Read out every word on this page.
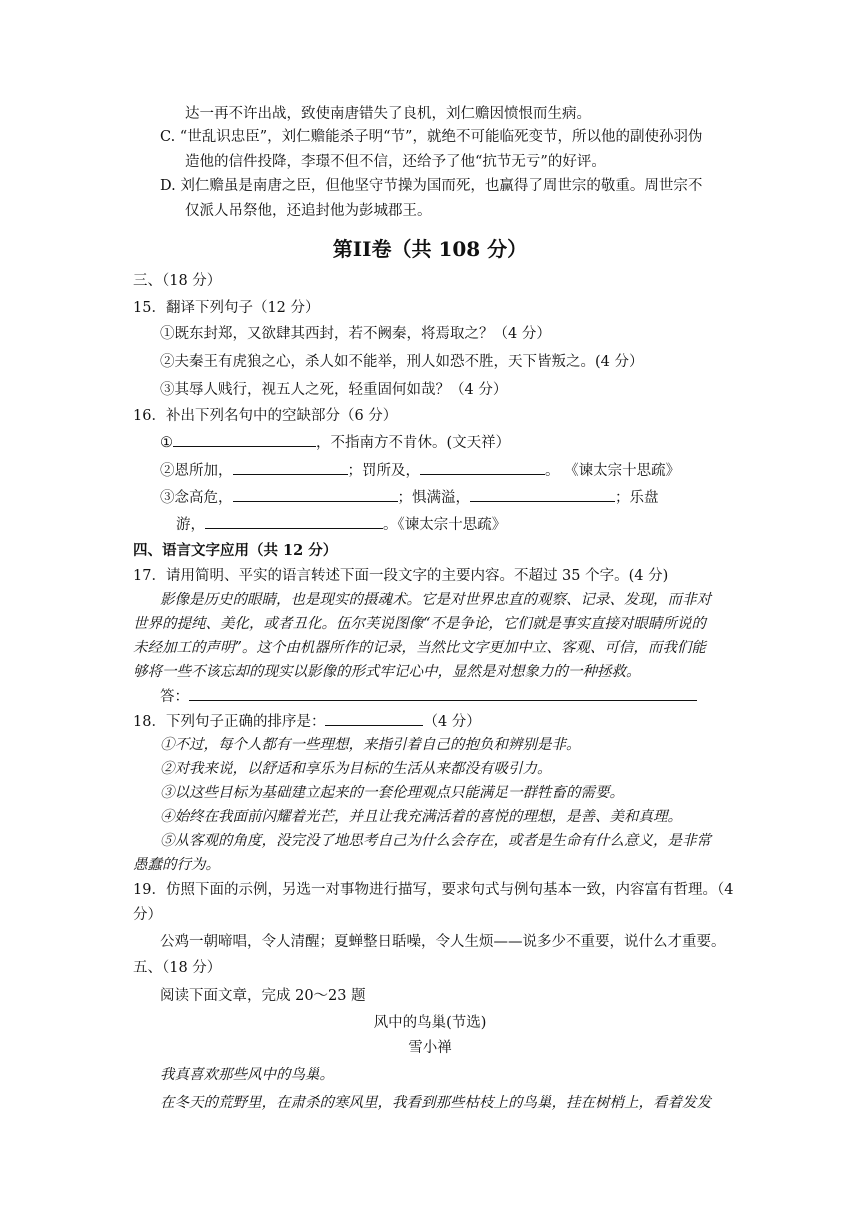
达一再不许出战，致使南唐错失了良机，刘仁赡因愤恨而生病。
C. “世乱识忠臣”，刘仁赡能杀子明“节”，就绝不可能临死变节，所以他的副使孙羽伪
造他的信件投降，李璟不但不信，还给予了他“抗节无亏”的好评。
D. 刘仁赡虽是南唐之臣，但他坚守节操为国而死，也赢得了周世宗的敬重。周世宗不
仅派人吊祭他，还追封他为彭城郡王。
第II卷（共 108 分）
三、（18 分）
15．翻译下列句子（12 分）
①既东封郑，又欲肆其西封，若不阙秦，将焉取之？（4 分）
②夫秦王有虎狼之心，杀人如不能举，刑人如恐不胜，天下皆叛之。(4 分）
③其辱人贱行，视五人之死，轻重固何如哉？（4 分）
16．补出下列名句中的空缺部分（6 分）
①	，不指南方不肯休。(文天祥）
②恩所加，	；罚所及，	。 《谏太宗十思疏》
③念高危，	；惧满溢，	；乐盘
游，	。《谏太宗十思疏》
四、语言文字应用（共 12 分）
17．请用简明、平实的语言转述下面一段文字的主要内容。不超过 35 个字。(4 分)
影像是历史的眼睛，也是现实的摄魂术。它是对世界忠直的观察、记录、发现，而非对
世界的提纯、美化，或者丑化。伍尔芙说图像“不是争论，它们就是事实直接对眼睛所说的
未经加工的声明”。这个由机器所作的记录，当然比文字更加中立、客观、可信，而我们能
够将一些不该忘却的现实以影像的形式牢记心中，显然是对想象力的一种拯救。
答：
18．下列句子正确的排序是：	（4 分）
①不过，每个人都有一些理想，来指引着自己的抱负和辨别是非。
②对我来说，以舒适和享乐为目标的生活从来都没有吸引力。
③以这些目标为基础建立起来的一套伦理观点只能满足一群牲畜的需要。
④始终在我面前闪耀着光芒，并且让我充满活着的喜悦的理想，是善、美和真理。
⑤从客观的角度，没完没了地思考自己为什么会存在，或者是生命有什么意义，是非常
愚蠢的行为。
19．仿照下面的示例，另选一对事物进行描写，要求句式与例句基本一致，内容富有哲理。（4
分）
公鸡一朝啼唱，令人清醒；夏蝉整日聒噪，令人生烦——说多少不重要，说什么才重要。
五、（18 分）
阅读下面文章，完成 20～23 题
风中的鸟巢(节选)
雪小禅
我真喜欢那些风中的鸟巢。
在冬天的荒野里，在肃杀的寒风里，我看到那些枯枝上的鸟巢，挂在树梢上，看着发发
